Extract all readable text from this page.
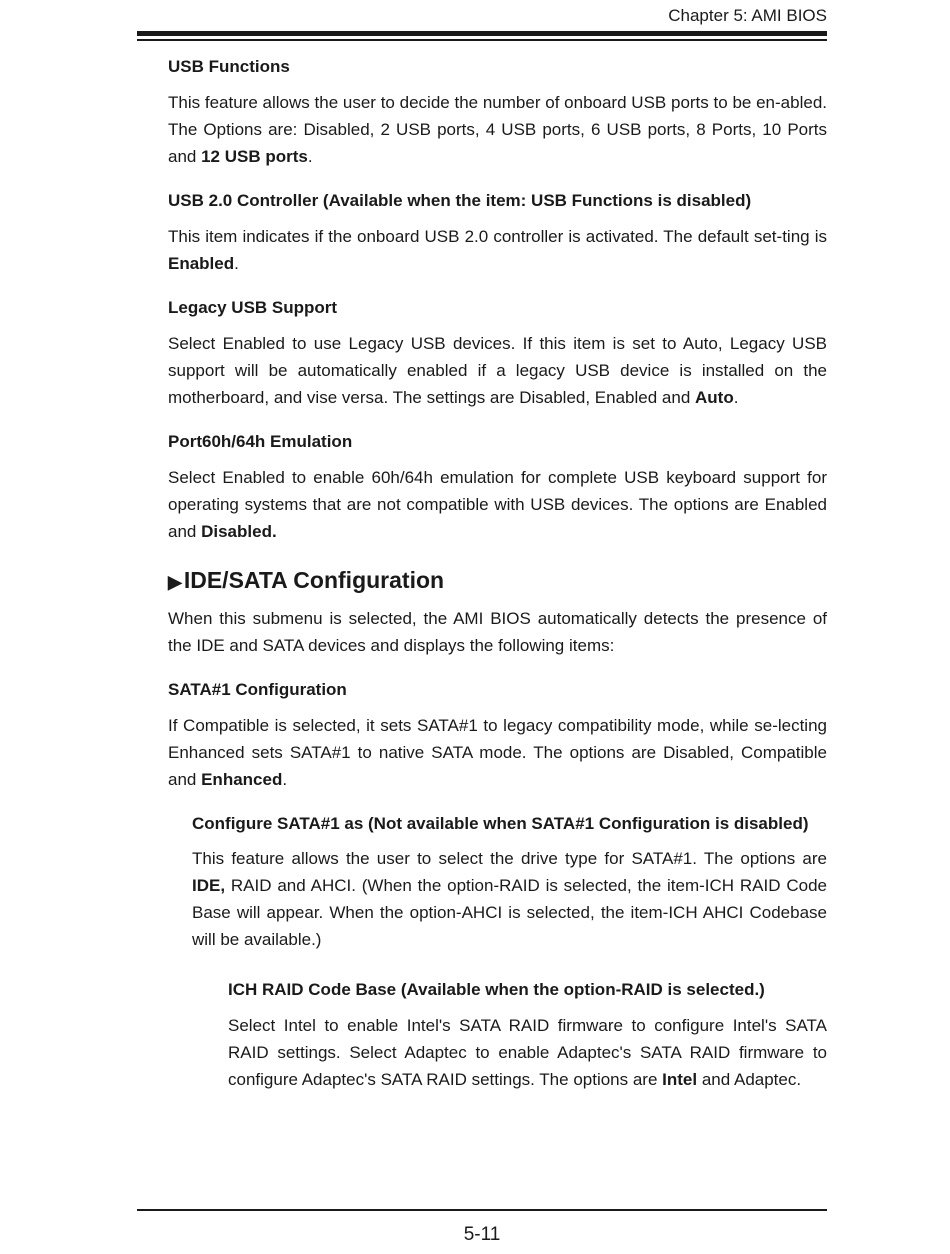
Chapter 5: AMI BIOS
USB Functions
This feature allows the user to decide the number of onboard USB ports to be en-abled. The Options are: Disabled, 2 USB ports, 4 USB ports, 6 USB ports, 8 Ports, 10 Ports and 12 USB ports.
USB 2.0 Controller (Available when the item: USB Functions is disabled)
This item indicates if the onboard USB 2.0 controller is activated. The default set-ting is Enabled.
Legacy USB Support
Select Enabled to use Legacy USB devices. If this item is set to Auto, Legacy USB support will be automatically enabled if a legacy USB device is installed on the motherboard, and vise versa. The settings are Disabled, Enabled and Auto.
Port60h/64h Emulation
Select Enabled to enable 60h/64h emulation for complete USB keyboard support for operating systems that are not compatible with USB devices. The options are Enabled and Disabled.
▶IDE/SATA Configuration
When this submenu is selected, the AMI BIOS automatically detects the presence of the IDE and SATA devices and displays the following items:
SATA#1 Configuration
If Compatible is selected, it sets SATA#1 to legacy compatibility mode, while se-lecting Enhanced sets SATA#1 to native SATA mode. The options are Disabled, Compatible and Enhanced.
Configure SATA#1 as (Not available when SATA#1 Configuration is disabled)
This feature allows the user to select the drive type for SATA#1. The options are IDE, RAID and AHCI. (When the option-RAID is selected, the item-ICH RAID Code Base will appear. When the option-AHCI is selected, the item-ICH AHCI Codebase will be available.)
ICH RAID Code Base (Available when the option-RAID is selected.)
Select Intel to enable Intel's SATA RAID firmware to configure Intel's SATA RAID settings. Select Adaptec to enable Adaptec's SATA RAID firmware to configure Adaptec's SATA RAID settings. The options are Intel and Adaptec.
5-11
